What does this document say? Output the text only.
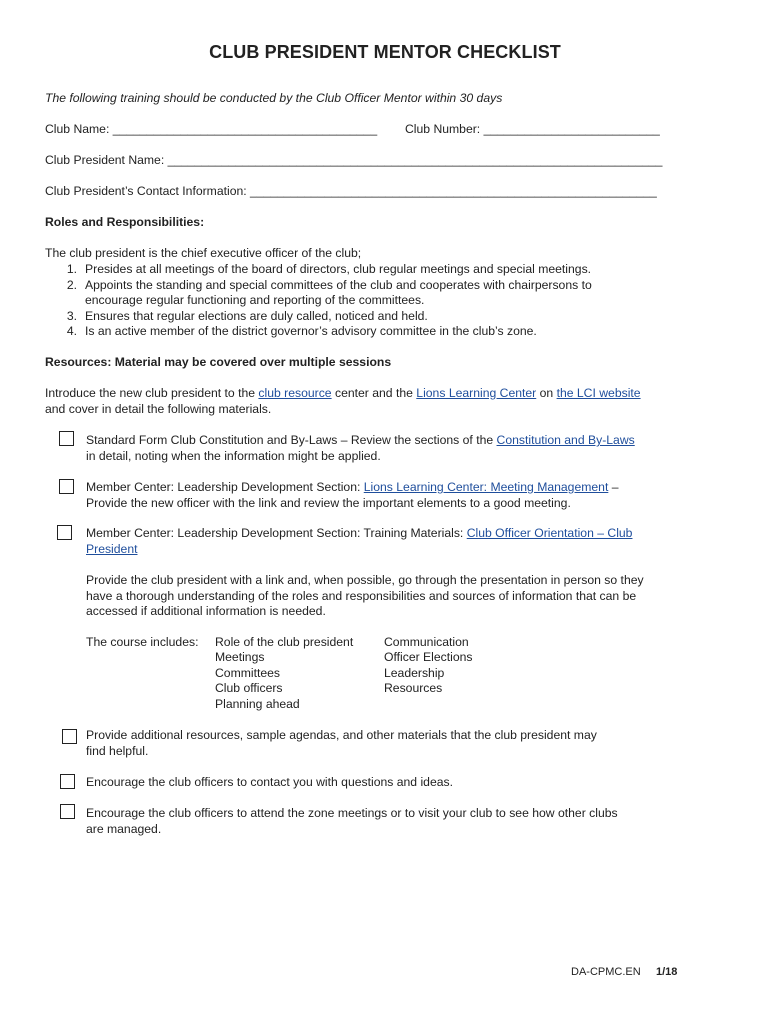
CLUB PRESIDENT MENTOR CHECKLIST
The following training should be conducted by the Club Officer Mentor within 30 days
Club Name: _______________________________________ Club Number: __________________________
Club President Name: _________________________________________________________________________
Club President’s Contact Information: ____________________________________________________________
Roles and Responsibilities:
The club president is the chief executive officer of the club;
1. Presides at all meetings of the board of directors, club regular meetings and special meetings.
2. Appoints the standing and special committees of the club and cooperates with chairpersons to
encourage regular functioning and reporting of the committees.
3. Ensures that regular elections are duly called, noticed and held.
4. Is an active member of the district governor’s advisory committee in the club’s zone.
Resources: Material may be covered over multiple sessions
Introduce the new club president to the club resource center and the Lions Learning Center on the LCI website
and cover in detail the following materials.
Standard Form Club Constitution and By-Laws – Review the sections of the Constitution and By-Laws
in detail, noting when the information might be applied.
Member Center: Leadership Development Section: Lions Learning Center: Meeting Management –
Provide the new officer with the link and review the important elements to a good meeting.
Member Center: Leadership Development Section: Training Materials: Club Officer Orientation – Club
President
Provide the club president with a link and, when possible, go through the presentation in person so they
have a thorough understanding of the roles and responsibilities and sources of information that can be
accessed if additional information is needed.
The course includes: Role of the club president
Meetings
Committees
Club officers
Planning ahead
Communication
Officer Elections
Leadership
Resources
Provide additional resources, sample agendas, and other materials that the club president may
find helpful.
Encourage the club officers to contact you with questions and ideas.
Encourage the club officers to attend the zone meetings or to visit your club to see how other clubs
are managed.
DA-CPMC.EN 1/18
